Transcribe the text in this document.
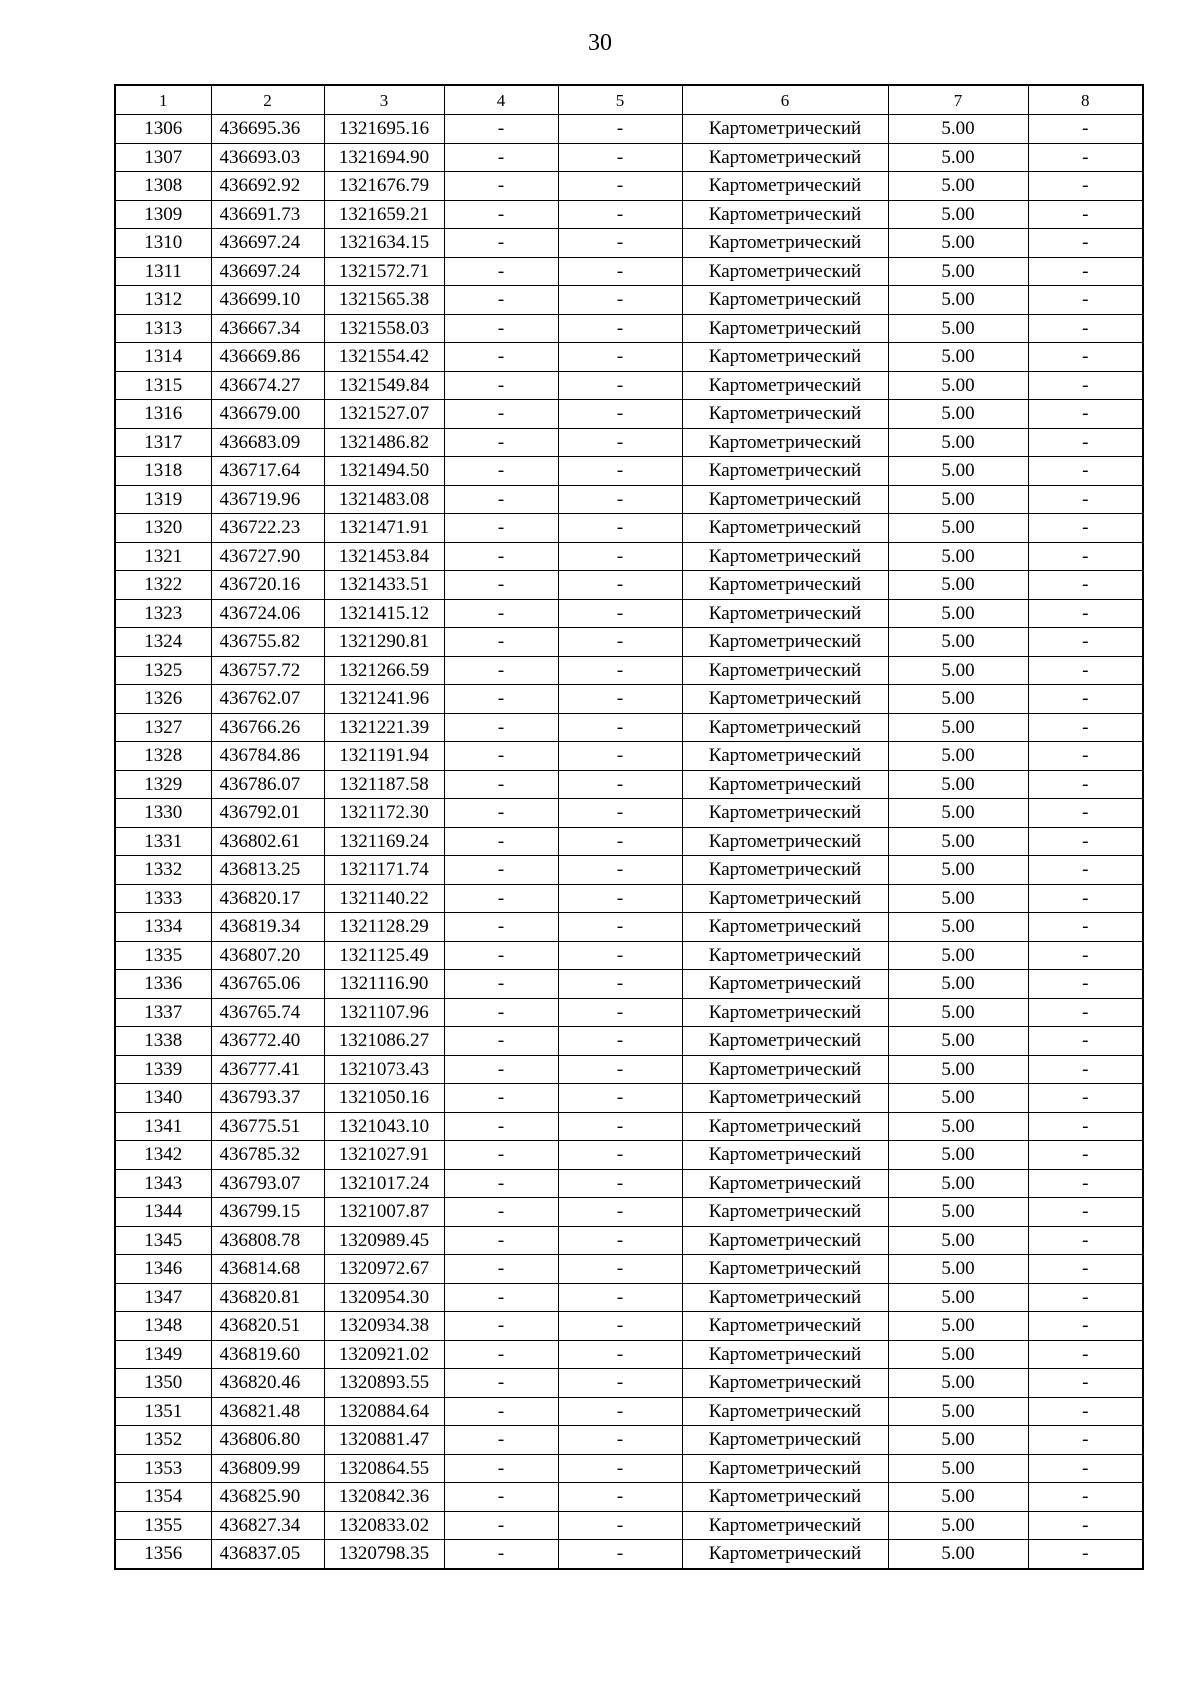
30
1	2	3	4	5	6	7	8
1306	436695.36	1321695.16	-	-	Картометрический	5.00	-
1307	436693.03	1321694.90	-	-	Картометрический	5.00	-
1308	436692.92	1321676.79	-	-	Картометрический	5.00	-
1309	436691.73	1321659.21	-	-	Картометрический	5.00	-
1310	436697.24	1321634.15	-	-	Картометрический	5.00	-
1311	436697.24	1321572.71	-	-	Картометрический	5.00	-
1312	436699.10	1321565.38	-	-	Картометрический	5.00	-
1313	436667.34	1321558.03	-	-	Картометрический	5.00	-
1314	436669.86	1321554.42	-	-	Картометрический	5.00	-
1315	436674.27	1321549.84	-	-	Картометрический	5.00	-
1316	436679.00	1321527.07	-	-	Картометрический	5.00	-
1317	436683.09	1321486.82	-	-	Картометрический	5.00	-
1318	436717.64	1321494.50	-	-	Картометрический	5.00	-
1319	436719.96	1321483.08	-	-	Картометрический	5.00	-
1320	436722.23	1321471.91	-	-	Картометрический	5.00	-
1321	436727.90	1321453.84	-	-	Картометрический	5.00	-
1322	436720.16	1321433.51	-	-	Картометрический	5.00	-
1323	436724.06	1321415.12	-	-	Картометрический	5.00	-
1324	436755.82	1321290.81	-	-	Картометрический	5.00	-
1325	436757.72	1321266.59	-	-	Картометрический	5.00	-
1326	436762.07	1321241.96	-	-	Картометрический	5.00	-
1327	436766.26	1321221.39	-	-	Картометрический	5.00	-
1328	436784.86	1321191.94	-	-	Картометрический	5.00	-
1329	436786.07	1321187.58	-	-	Картометрический	5.00	-
1330	436792.01	1321172.30	-	-	Картометрический	5.00	-
1331	436802.61	1321169.24	-	-	Картометрический	5.00	-
1332	436813.25	1321171.74	-	-	Картометрический	5.00	-
1333	436820.17	1321140.22	-	-	Картометрический	5.00	-
1334	436819.34	1321128.29	-	-	Картометрический	5.00	-
1335	436807.20	1321125.49	-	-	Картометрический	5.00	-
1336	436765.06	1321116.90	-	-	Картометрический	5.00	-
1337	436765.74	1321107.96	-	-	Картометрический	5.00	-
1338	436772.40	1321086.27	-	-	Картометрический	5.00	-
1339	436777.41	1321073.43	-	-	Картометрический	5.00	-
1340	436793.37	1321050.16	-	-	Картометрический	5.00	-
1341	436775.51	1321043.10	-	-	Картометрический	5.00	-
1342	436785.32	1321027.91	-	-	Картометрический	5.00	-
1343	436793.07	1321017.24	-	-	Картометрический	5.00	-
1344	436799.15	1321007.87	-	-	Картометрический	5.00	-
1345	436808.78	1320989.45	-	-	Картометрический	5.00	-
1346	436814.68	1320972.67	-	-	Картометрический	5.00	-
1347	436820.81	1320954.30	-	-	Картометрический	5.00	-
1348	436820.51	1320934.38	-	-	Картометрический	5.00	-
1349	436819.60	1320921.02	-	-	Картометрический	5.00	-
1350	436820.46	1320893.55	-	-	Картометрический	5.00	-
1351	436821.48	1320884.64	-	-	Картометрический	5.00	-
1352	436806.80	1320881.47	-	-	Картометрический	5.00	-
1353	436809.99	1320864.55	-	-	Картометрический	5.00	-
1354	436825.90	1320842.36	-	-	Картометрический	5.00	-
1355	436827.34	1320833.02	-	-	Картометрический	5.00	-
1356	436837.05	1320798.35	-	-	Картометрический	5.00	-
